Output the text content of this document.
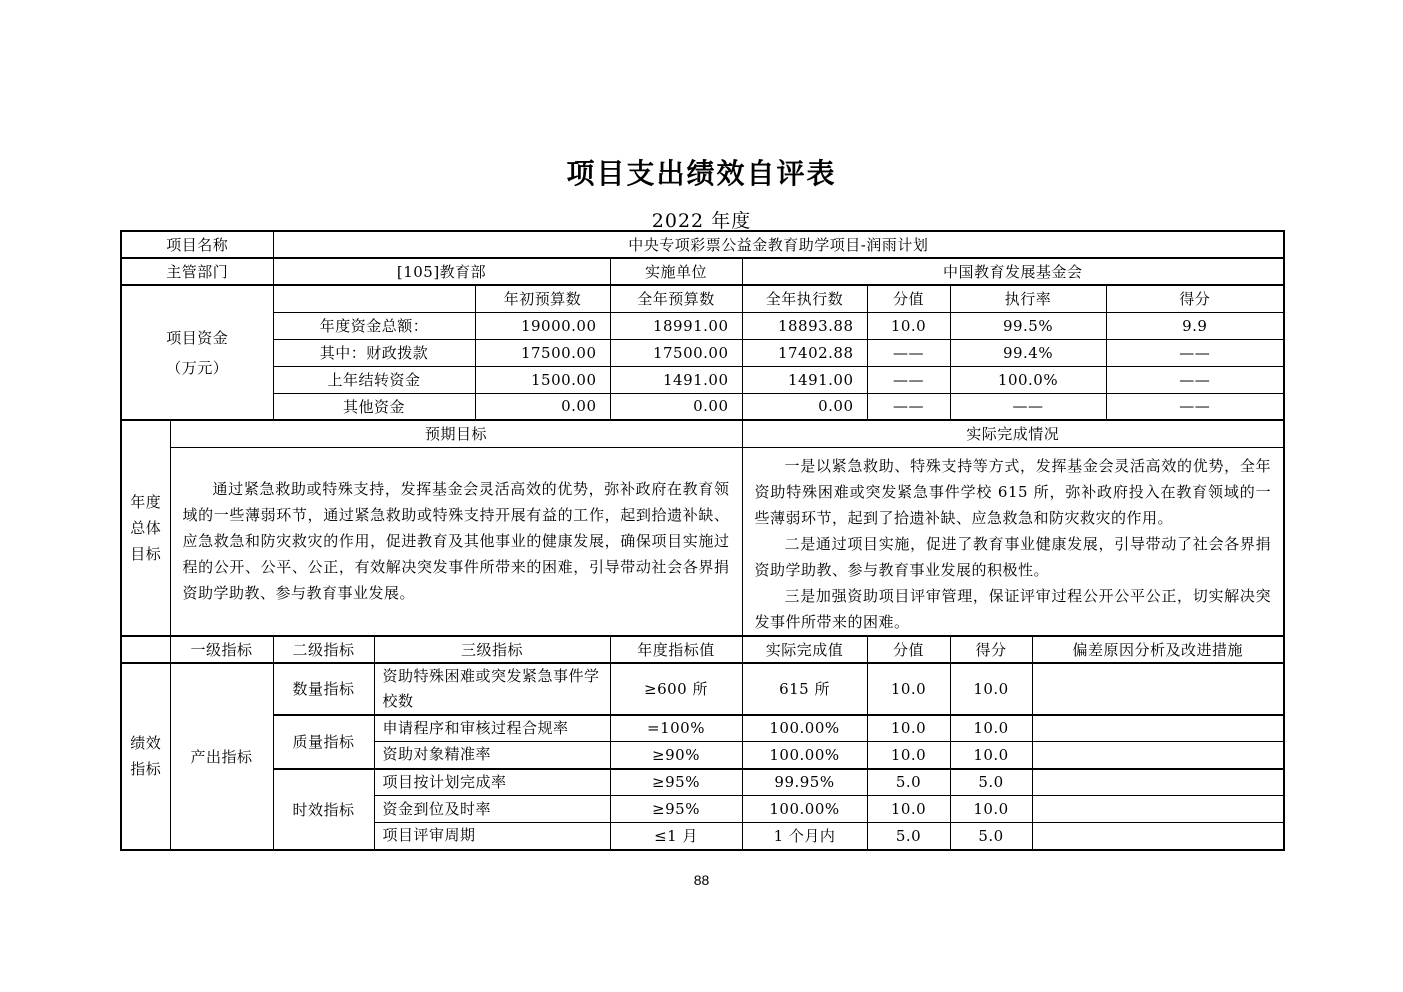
项目支出绩效自评表
2022 年度
项目名称		中央专项彩票公益金教育助学项目-润雨计划								
主管部门		[105]教育部			实施单位	中国教育发展基金会				

项目资金
（万元）				年初预算数	全年预算数	全年执行数	分值	执行率		得分
		年度资金总额：		19000.00	18991.00	18893.88	10.0	99.5%		9.9
		其中：财政拨款		17500.00	17500.00	17402.88	——	99.4%		——
		上年结转资金		1500.00	1491.00	1491.00	——	100.0%		——
		其他资金		0.00	0.00	0.00	——	——		——

年度
总体
目标	预期目标					实际完成情况				

	通过紧急救助或特殊支持，发挥基金会灵活高效的优势，弥补政府在教育领域的一些薄弱环节，通过紧急救助或特殊支持开展有益的工作，起到拾遗补缺、应急救急和防灾救灾的作用，促进教育及其他事业的健康发展，确保项目实施过程的公开、公平、公正，有效解决突发事件所带来的困难，引导带动社会各界捐资助学助教、参与教育事业发展。					一是以紧急救助、特殊支持等方式，发挥基金会灵活高效的优势，全年资助特殊困难或突发紧急事件学校 615 所，弥补政府投入在教育领域的一些薄弱环节，起到了拾遗补缺、应急救急和防灾救灾的作用。

二是通过项目实施，促进了教育事业健康发展，引导带动了社会各界捐资助学助教、参与教育事业发展的积极性。

三是加强资助项目评审管理，保证评审过程公开公平公正，切实解决突发事件所带来的困难。				

	一级指标	二级指标	三级指标		年度指标值	实际完成值	分值	得分	偏差原因分析及改进措施	

绩效
指标	产出指标	数量指标	资助特殊困难或突发紧急事件学校数		≥600 所	615 所	10.0	10.0		
		质量指标	申请程序和审核过程合规率		=100%	100.00%	10.0	10.0		
			资助对象精准率		≥90%	100.00%	10.0	10.0		
		时效指标	项目按计划完成率		≥95%	99.95%	5.0	5.0		
			资金到位及时率		≥95%	100.00%	10.0	10.0		
			项目评审周期		≤1 月	1 个月内	5.0	5.0		
88
